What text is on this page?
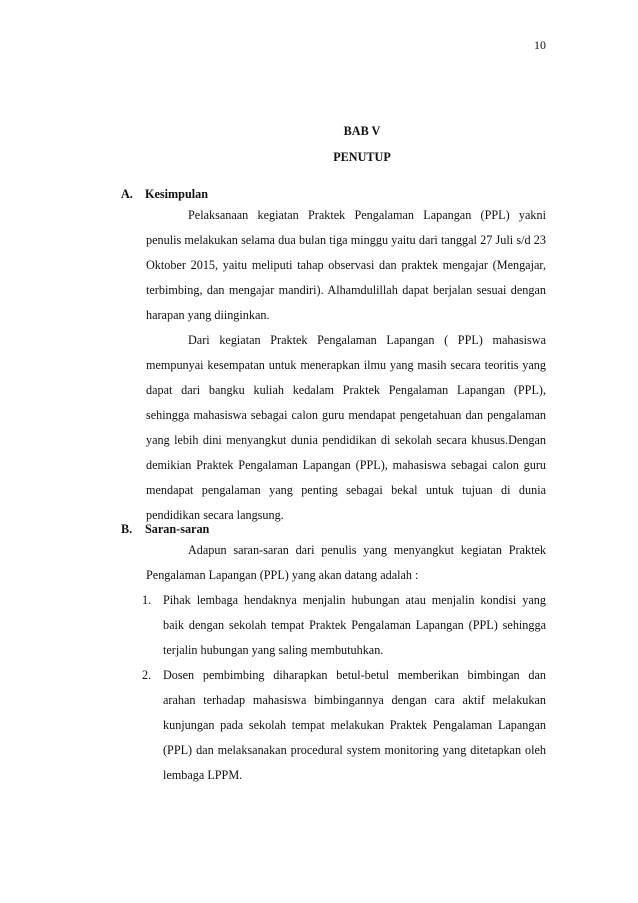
10
BAB V
PENUTUP
A. Kesimpulan

Pelaksanaan kegiatan Praktek Pengalaman Lapangan (PPL) yakni penulis melakukan selama dua bulan tiga minggu yaitu dari tanggal 27 Juli s/d 23 Oktober 2015, yaitu meliputi tahap observasi dan praktek mengajar (Mengajar, terbimbing, dan mengajar mandiri). Alhamdulillah dapat berjalan sesuai dengan harapan yang diinginkan.

Dari kegiatan Praktek Pengalaman Lapangan ( PPL) mahasiswa mempunyai kesempatan untuk menerapkan ilmu yang masih secara teoritis yang dapat dari bangku kuliah kedalam Praktek Pengalaman Lapangan (PPL), sehingga mahasiswa sebagai calon guru mendapat pengetahuan dan pengalaman yang lebih dini menyangkut dunia pendidikan di sekolah secara khusus.Dengan demikian Praktek Pengalaman Lapangan (PPL), mahasiswa sebagai calon guru mendapat pengalaman yang penting sebagai bekal untuk tujuan di dunia pendidikan secara langsung.

B. Saran-saran

Adapun saran-saran dari penulis yang menyangkut kegiatan Praktek Pengalaman Lapangan (PPL) yang akan datang adalah :

1. Pihak lembaga hendaknya menjalin hubungan atau menjalin kondisi yang baik dengan sekolah tempat Praktek Pengalaman Lapangan (PPL) sehingga terjalin hubungan yang saling membutuhkan.
2. Dosen pembimbing diharapkan betul-betul memberikan bimbingan dan arahan terhadap mahasiswa bimbingannya dengan cara aktif melakukan kunjungan pada sekolah tempat melakukan Praktek Pengalaman Lapangan (PPL) dan melaksanakan procedural system monitoring yang ditetapkan oleh lembaga LPPM.
